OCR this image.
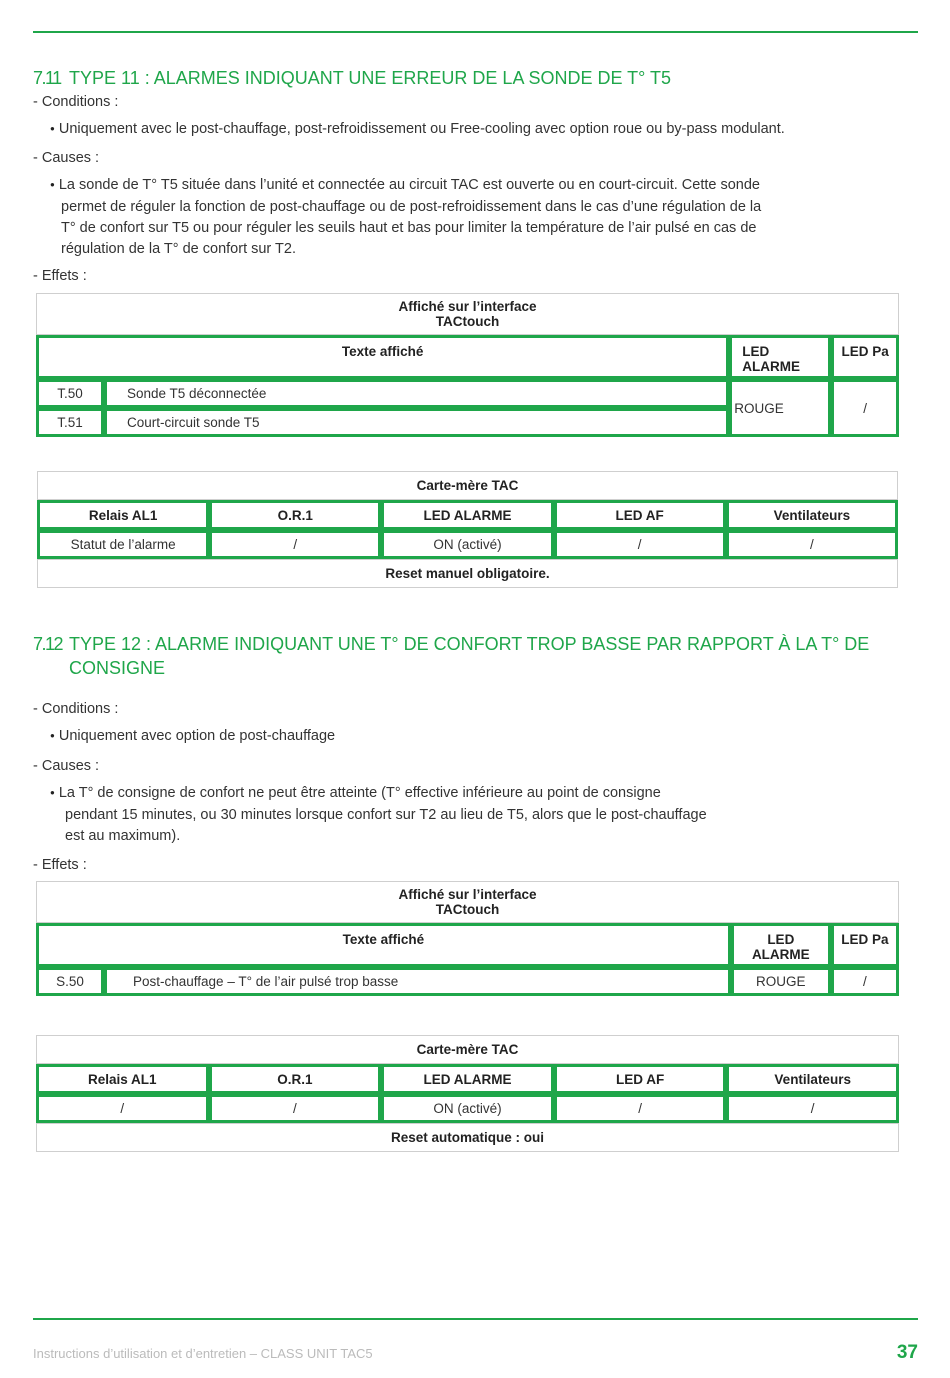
7.11 TYPE 11 : ALARMES INDIQUANT UNE ERREUR DE LA SONDE DE T° T5
- Conditions :
● Uniquement avec le post-chauffage, post-refroidissement ou Free-cooling avec option roue ou by-pass modulant.
- Causes :
● La sonde de T° T5 située dans l’unité et connectée au circuit TAC est ouverte ou en court-circuit. Cette sonde
permet de réguler la fonction de post-chauffage ou de post-refroidissement dans le cas d’une régulation de la
T° de confort sur T5 ou pour réguler les seuils haut et bas pour limiter la température de l’air pulsé en cas de
régulation de la T° de confort sur T2.
- Effets :
Affiché sur l’interface
TACtouch			

Texte affiché		LED
ALARME	LED Pa
T.50	Sonde T5 déconnectée	ROUGE	/
T.51	Court-circuit sonde T5		
Carte-mère TAC				
Relais AL1	O.R.1	LED ALARME	LED AF	Ventilateurs
Statut de l’alarme	/	ON (activé)	/	/
Reset manuel obligatoire.				
7.12 TYPE 12 : ALARME INDIQUANT UNE T° DE CONFORT TROP BASSE PAR RAPPORT À LA T° DE CONSIGNE
- Conditions :
● Uniquement avec option de post-chauffage
- Causes :
● La T° de consigne de confort ne peut être atteinte (T° effective inférieure au point de consigne
pendant 15 minutes, ou 30 minutes lorsque confort sur T2 au lieu de T5, alors que le post-chauffage
est au maximum).
- Effets :
Affiché sur l’interface
TACtouch			

Texte affiché		LED
ALARME	LED Pa
S.50	Post-chauffage – T° de l’air pulsé trop basse	ROUGE	/
Carte-mère TAC				
Relais AL1	O.R.1	LED ALARME	LED AF	Ventilateurs
/	/	ON (activé)	/	/
Reset automatique : oui				
Instructions d’utilisation et d’entretien – CLASS UNIT TAC5	37
